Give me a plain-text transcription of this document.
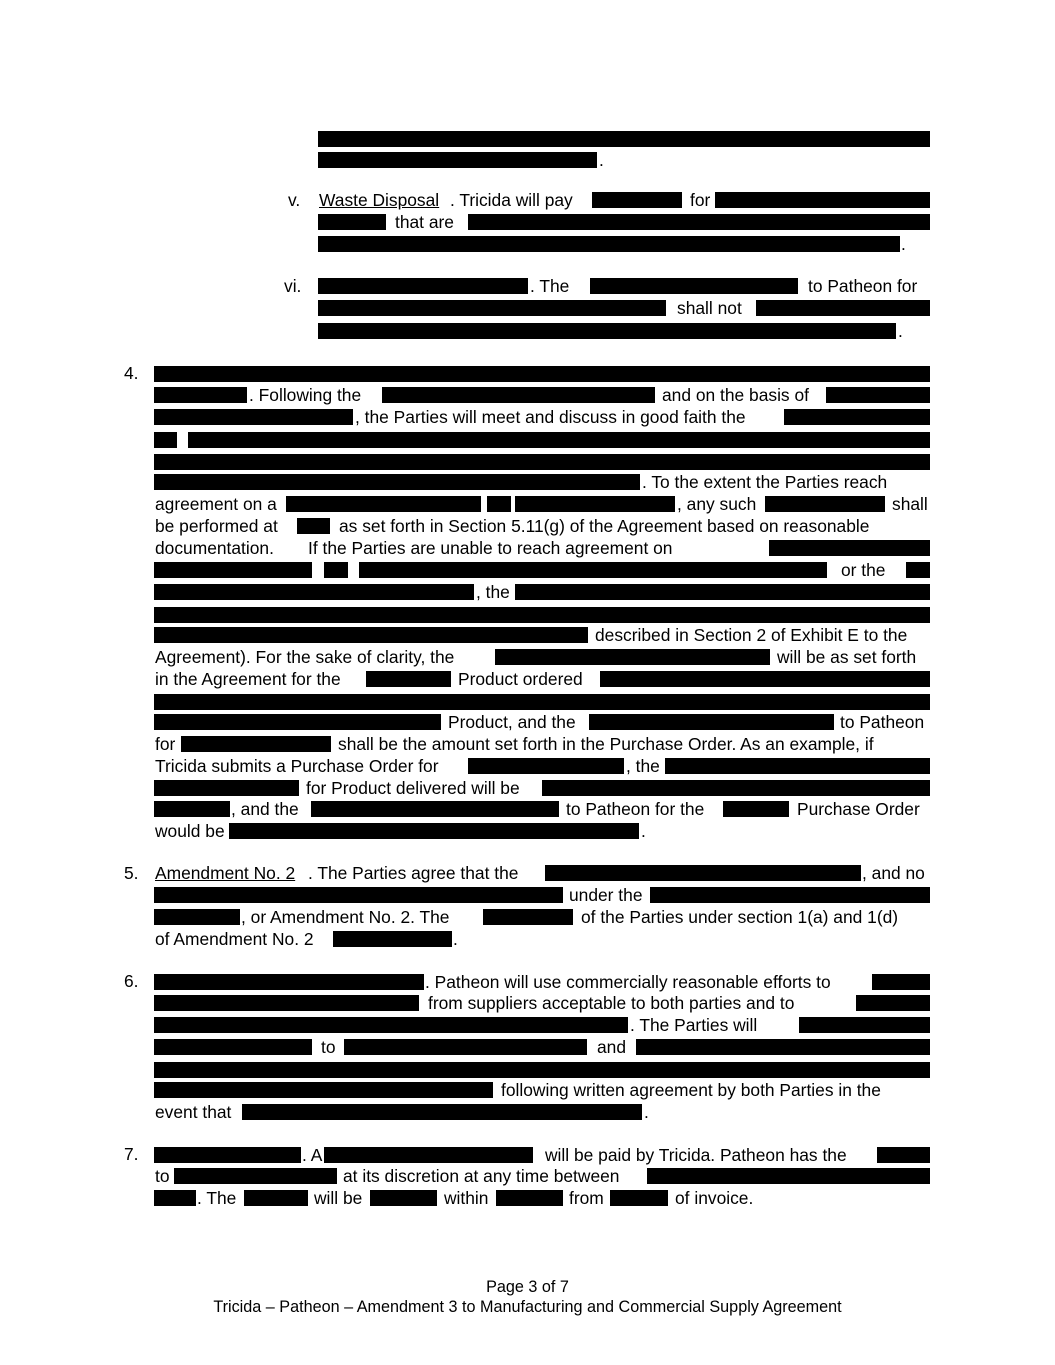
.
v. Waste Disposal . Tricida will pay	for
that are
.
vi.	. The	to Patheon for
shall not
.
4.
. Following the	and on the basis of
, the Parties will meet and discuss in good faith the
. To the extent the Parties reach
agreement on a	, any such	shall
be performed at	as set forth in Section 5.11(g) of the Agreement based on reasonable
documentation. If the Parties are unable to reach agreement on
or the
, the
described in Section 2 of Exhibit E to the
Agreement). For the sake of clarity, the	will be as set forth
in the Agreement for the	Product ordered
Product, and the	to Patheon
for	shall be the amount set forth in the Purchase Order. As an example, if
Tricida submits a Purchase Order for	, the
for Product delivered will be
, and the	to Patheon for the	Purchase Order
would be	.
5. Amendment No. 2 . The Parties agree that the	, and no
under the
, or Amendment No. 2. The	of the Parties under section 1(a) and 1(d)
of Amendment No. 2	.
6.	. Patheon will use commercially reasonable efforts to
from suppliers acceptable to both parties and to
. The Parties will
to	and
following written agreement by both Parties in the
event that	.
7.	. A	will be paid by Tricida. Patheon has the
to	at its discretion at any time between
. The	will be	within	from	of invoice.
Page 3 of 7
Tricida – Patheon – Amendment 3 to Manufacturing and Commercial Supply Agreement
